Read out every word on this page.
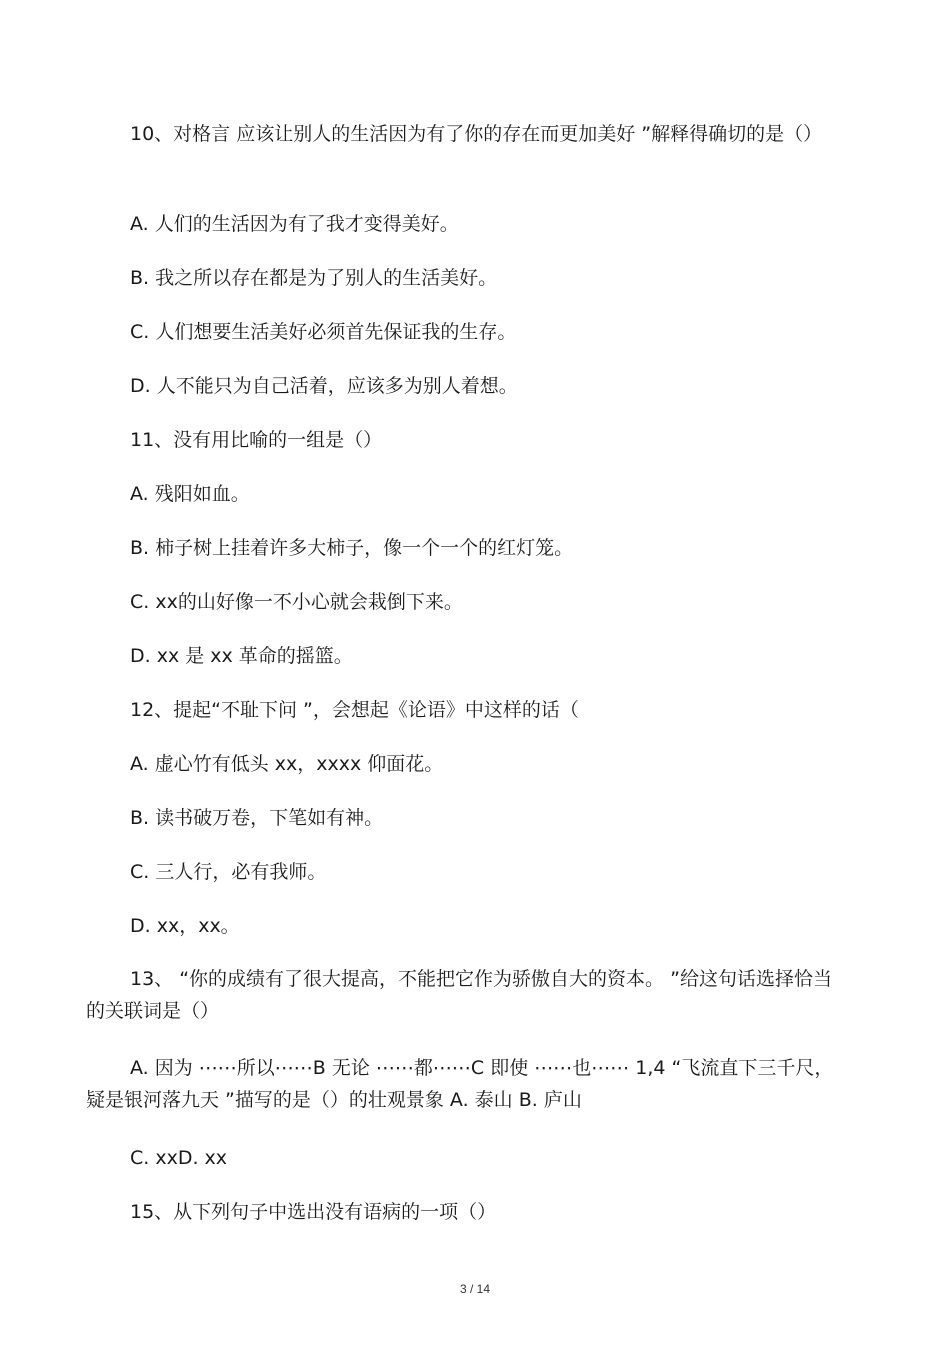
10、对格言 应该让别人的生活因为有了你的存在而更加美好 ”解释得确切的是（）

A. 人们的生活因为有了我才变得美好。

B. 我之所以存在都是为了别人的生活美好。

C. 人们想要生活美好必须首先保证我的生存。

D. 人不能只为自己活着，应该多为别人着想。

11、没有用比喻的一组是（）

A. 残阳如血。

B. 柿子树上挂着许多大柿子，像一个一个的红灯笼。

C. xx的山好像一不小心就会栽倒下来。

D. xx 是 xx 革命的摇篮。

12、提起“不耻下问 ”，会想起《论语》中这样的话（

A. 虚心竹有低头 xx，xxxx 仰面花。

B. 读书破万卷，下笔如有神。

C. 三人行，必有我师。

D. xx，xx。

13、 “你的成绩有了很大提高，不能把它作为骄傲自大的资本。 ”给这句话选择恰当的关联词是（）

A. 因为 ⋯⋯所以⋯⋯B 无论 ⋯⋯都⋯⋯C 即使 ⋯⋯也⋯⋯ 1,4 “飞流直下三千尺，疑是银河落九天 ”描写的是（）的壮观景象 A. 泰山 B. 庐山

C. xxD. xx

15、从下列句子中选出没有语病的一项（）

3 / 14
